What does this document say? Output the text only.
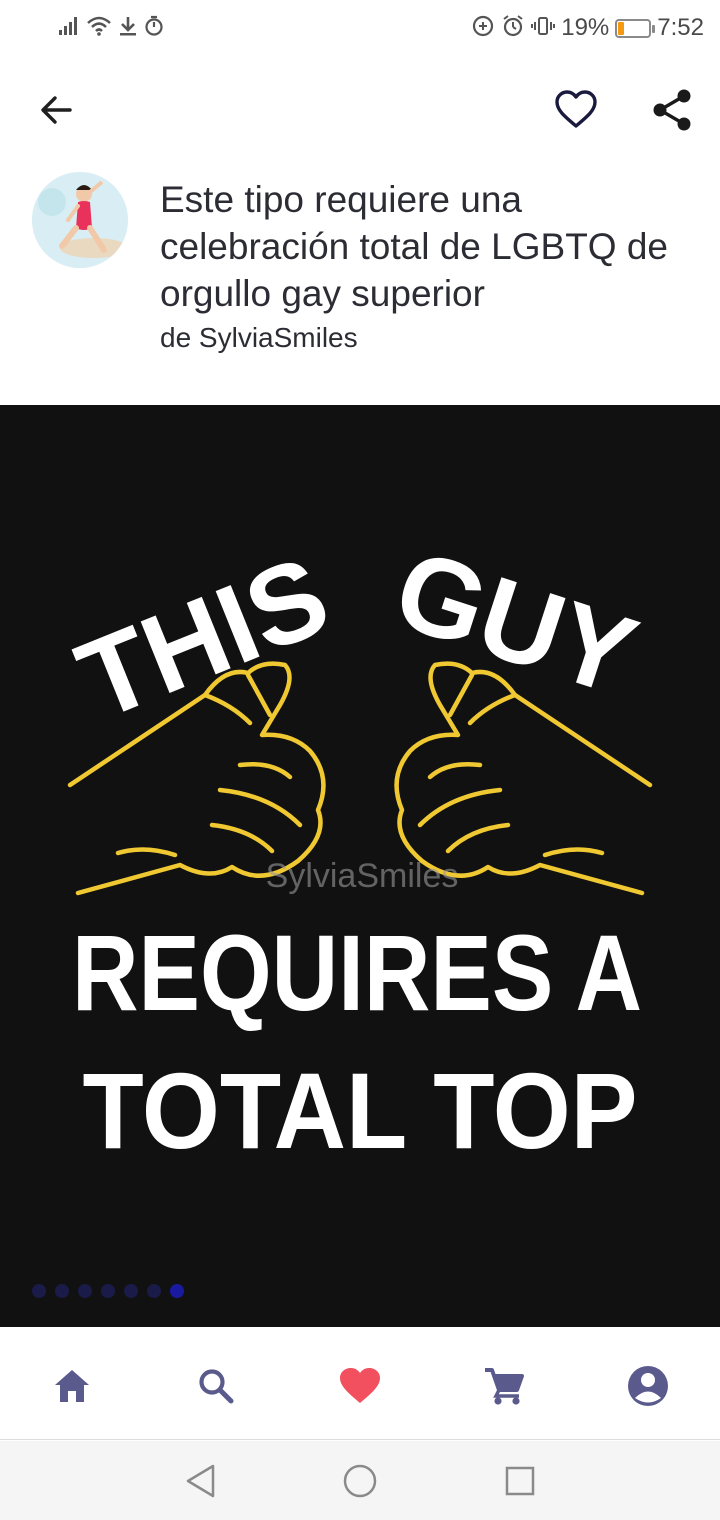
19% 7:52
Este tipo requiere una celebración total de LGBTQ de orgullo gay superior
de SylviaSmiles
THIS GUY
SylviaSmiles
REQUIRES A
TOTAL TOP
